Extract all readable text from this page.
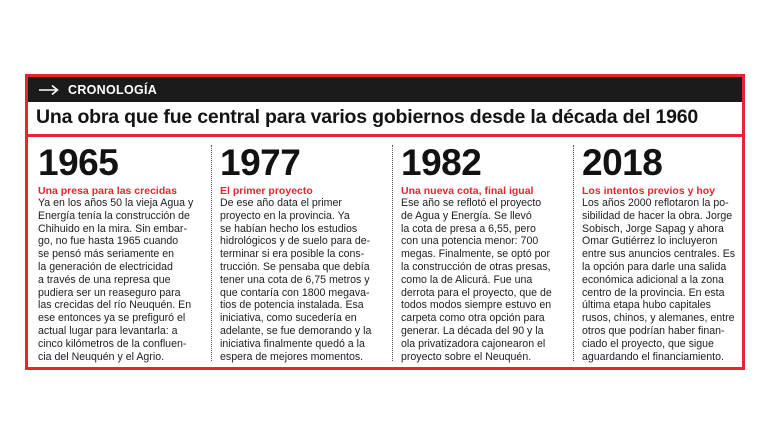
CRONOLOGÍA
Una obra que fue central para varios gobiernos desde la década del 1960
1965
Una presa para las crecidas
Ya en los años 50 la vieja Agua y
Energía tenía la construcción de
Chihuido en la mira. Sin embar-
go, no fue hasta 1965 cuando
se pensó más seriamente en
la generación de electricidad
a través de una represa que
pudiera ser un reaseguro para
las crecidas del río Neuquén. En
ese entonces ya se prefiguró el
actual lugar para levantarla: a
cinco kilómetros de la confluen-
cia del Neuquén y el Agrio.
1977
El primer proyecto
De ese año data el primer
proyecto en la provincia. Ya
se habían hecho los estudios
hidrológicos y de suelo para de-
terminar si era posible la cons-
trucción. Se pensaba que debía
tener una cota de 6,75 metros y
que contaría con 1800 megava-
tios de potencia instalada. Esa
iniciativa, como sucedería en
adelante, se fue demorando y la
iniciativa finalmente quedó a la
espera de mejores momentos.
1982
Una nueva cota, final igual
Ese año se reflotó el proyecto
de Agua y Energía. Se llevó
la cota de presa a 6,55, pero
con una potencia menor: 700
megas. Finalmente, se optó por
la construcción de otras presas,
como la de Alicurá. Fue una
derrota para el proyecto, que de
todos modos siempre estuvo en
carpeta como otra opción para
generar. La década del 90 y la
ola privatizadora cajonearon el
proyecto sobre el Neuquén.
2018
Los intentos previos y hoy
Los años 2000 reflotaron la po-
sibilidad de hacer la obra. Jorge
Sobisch, Jorge Sapag y ahora
Omar Gutiérrez lo incluyeron
entre sus anuncios centrales. Es
la opción para darle una salida
económica adicional a la zona
centro de la provincia. En esta
última etapa hubo capitales
rusos, chinos, y alemanes, entre
otros que podrían haber finan-
ciado el proyecto, que sigue
aguardando el financiamiento.
